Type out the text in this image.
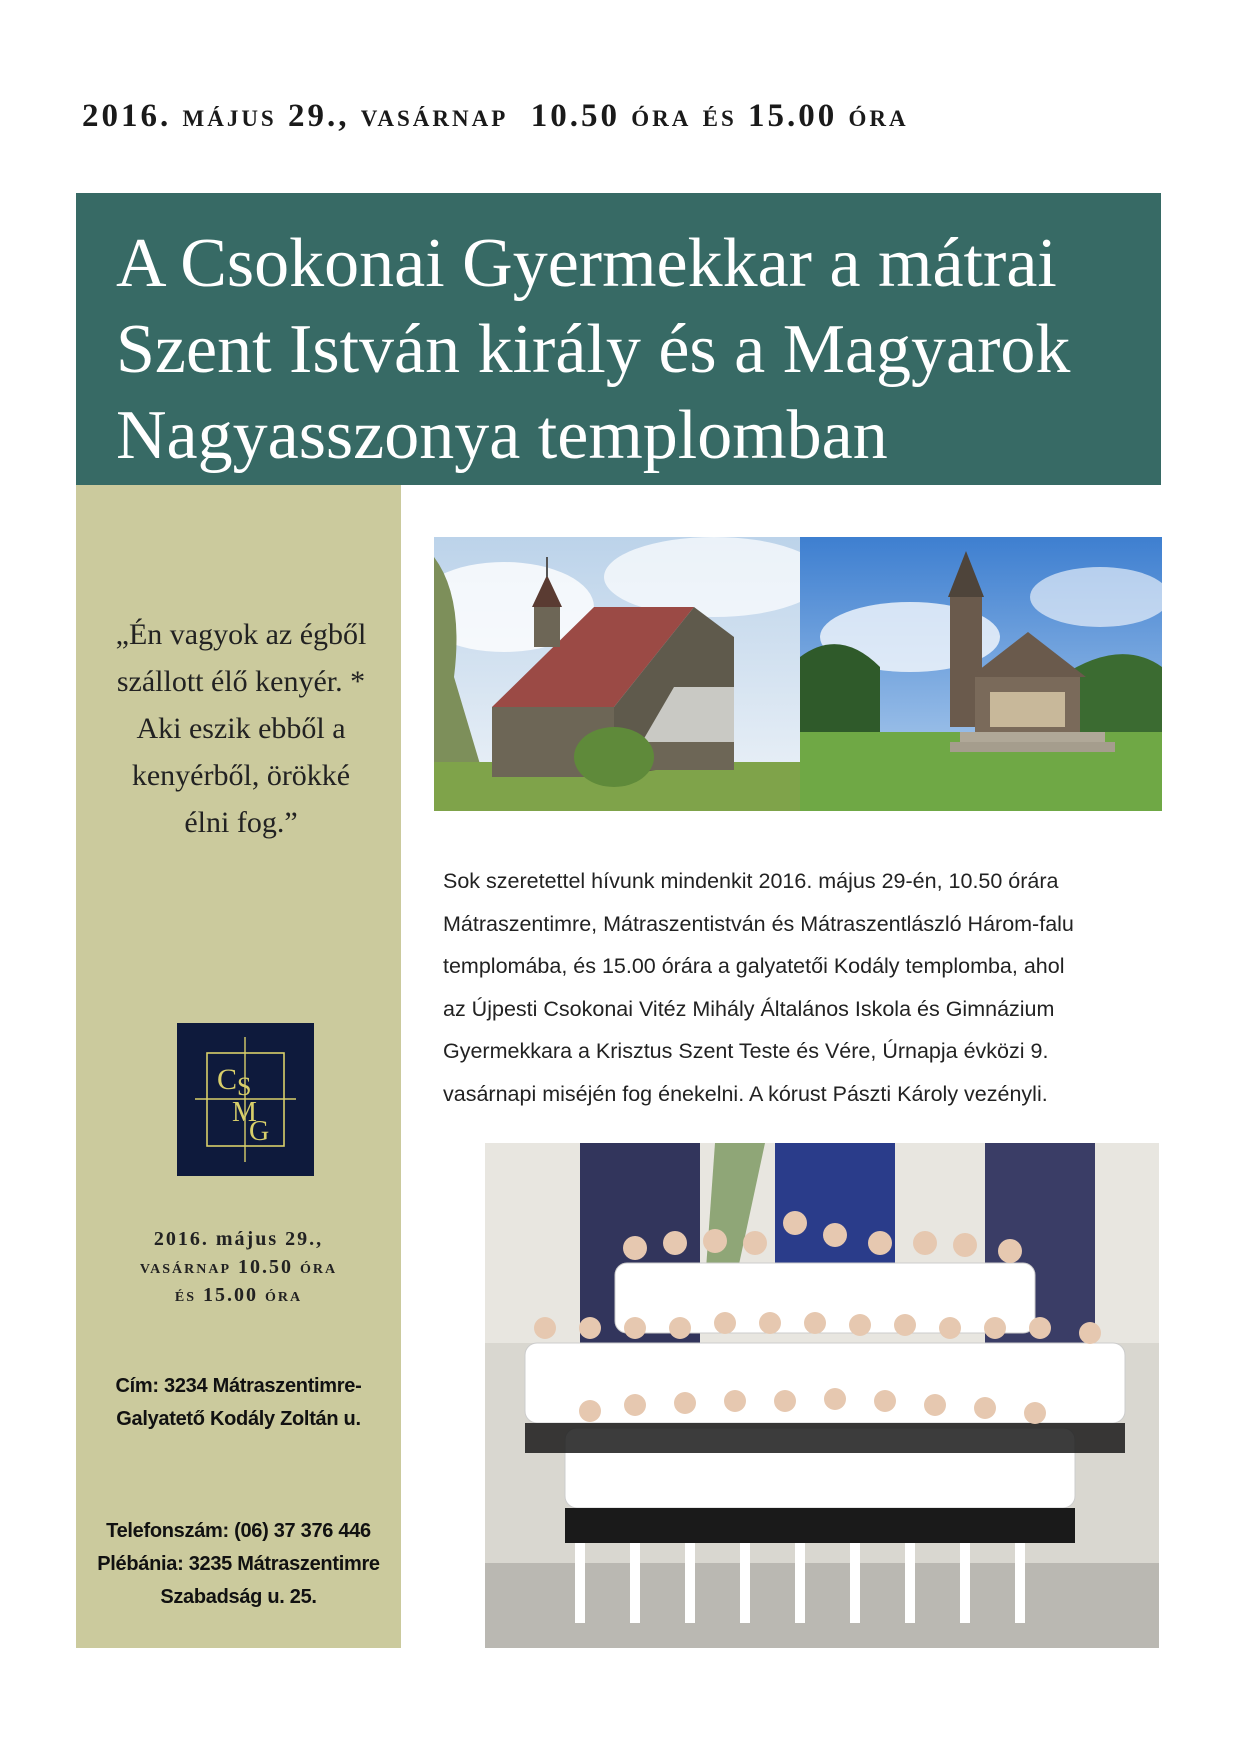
2016. május 29., vasárnap 10.50 óra és 15.00 óra
A Csokonai Gyermekkar a mátrai
Szent István király és a Magyarok
Nagyasszonya templomban
„Én vagyok az égből
szállott élő kenyér. *
Aki eszik ebből a
kenyérből, örökké
élni fog.”
C S
M
G
2016. május 29.,
vasárnap 10.50 óra
és 15.00 óra
Cím: 3234 Mátraszentimre-
Galyatető Kodály Zoltán u.
Telefonszám: (06) 37 376 446
Plébánia: 3235 Mátraszentimre
Szabadság u. 25.
Sok szeretettel hívunk mindenkit 2016. május 29-én, 10.50 órára
Mátraszentimre, Mátraszentistván és Mátraszentlászló Három-falu
templomába, és 15.00 órára a galyatetői Kodály templomba, ahol
az Újpesti Csokonai Vitéz Mihály Általános Iskola és Gimnázium
Gyermekkara a Krisztus Szent Teste és Vére, Úrnapja évközi 9.
vasárnapi miséjén fog énekelni. A kórust Pászti Károly vezényli.
